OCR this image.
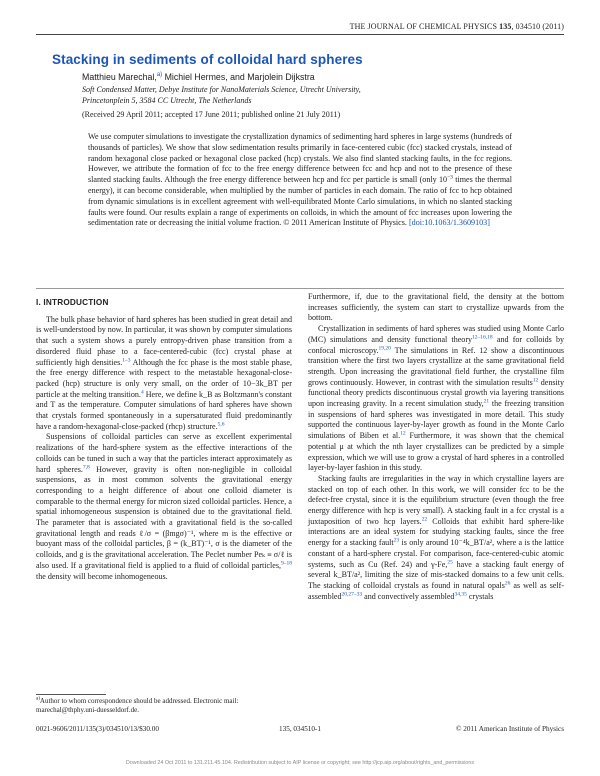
THE JOURNAL OF CHEMICAL PHYSICS 135, 034510 (2011)
Stacking in sediments of colloidal hard spheres
Matthieu Marechal,$^{a)}$ Michiel Hermes, and Marjolein Dijkstra
Soft Condensed Matter, Debye Institute for NanoMaterials Science, Utrecht University,
Princetonplein 5, 3584 CC Utrecht, The Netherlands
(Received 29 April 2011; accepted 17 June 2011; published online 21 July 2011)
We use computer simulations to investigate the crystallization dynamics of sedimenting hard spheres in large systems (hundreds of thousands of particles). We show that slow sedimentation results primarily in face-centered cubic (fcc) stacked crystals, instead of random hexagonal close packed or hexagonal close packed (hcp) crystals. We also find slanted stacking faults, in the fcc regions. However, we attribute the formation of fcc to the free energy difference between fcc and hcp and not to the presence of these slanted stacking faults. Although the free energy difference between hcp and fcc per particle is small (only $10^{-3}$ times the thermal energy), it can become considerable, when multiplied by the number of particles in each domain. The ratio of fcc to hcp obtained from dynamic simulations is in excellent agreement with well-equilibrated Monte Carlo simulations, in which no slanted stacking faults were found. Our results explain a range of experiments on colloids, in which the amount of fcc increases upon lowering the sedimentation rate or decreasing the initial volume fraction. © 2011 American Institute of Physics. [doi:10.1063/1.3609103]
I. INTRODUCTION

The bulk phase behavior of hard spheres has been studied in great detail and is well-understood by now. In particular, it was shown by computer simulations that such a system shows a purely entropy-driven phase transition from a disordered fluid phase to a face-centered-cubic (fcc) crystal phase at sufficiently high densities.$^{1-3}$ Although the fcc phase is the most stable phase, the free energy difference with respect to the metastable hexagonal-close-packed (hcp) structure is only very small, on the order of 10−3k_BT per particle at the melting transition.$^4$ Here, we define k_B as Boltzmann's constant and T as the temperature. Computer simulations of hard spheres have shown that crystals formed spontaneously in a supersaturated fluid predominantly have a random-hexagonal-close-packed (rhcp) structure.$^{5,6}$

Suspensions of colloidal particles can serve as excellent experimental realizations of the hard-sphere system as the effective interactions of the colloids can be tuned in such a way that the particles interact approximately as hard spheres.$^{7,8}$ However, gravity is often non-negligible in colloidal suspensions, as in most common solvents the gravitational energy corresponding to a height difference of about one colloid diameter is comparable to the thermal energy for micron sized colloidal particles. Hence, a spatial inhomogeneous suspension is obtained due to the gravitational field. The parameter that is associated with a gravitational field is the so-called gravitational length and reads ℓ/σ = (βmgσ)⁻¹, where m is the effective or buoyant mass of the colloidal particles, β = (k_BT)⁻¹, σ is the diameter of the colloids, and g is the gravitational acceleration. The Peclet number Peₖ ≡ σ/ℓ is also used. If a gravitational field is applied to a fluid of colloidal particles,$^{9-18}$ the density will become inhomogeneous.

Furthermore, if, due to the gravitational field, the density at the bottom increases sufficiently, the system can start to crystallize upwards from the bottom.

Crystallization in sediments of hard spheres was studied using Monte Carlo (MC) simulations and density functional theory$^{12-16,18}$ and for colloids by confocal microscopy.$^{19,20}$ The simulations in Ref. 12 show a discontinuous transition where the first two layers crystallize at the same gravitational field strength. Upon increasing the gravitational field further, the crystalline film grows continuously. However, in contrast with the simulation results$^{12}$ density functional theory predicts discontinuous crystal growth via layering transitions upon increasing gravity. In a recent simulation study,$^{21}$ the freezing transition in suspensions of hard spheres was investigated in more detail. This study supported the continuous layer-by-layer growth as found in the Monte Carlo simulations of Biben et al.$^{12}$ Furthermore, it was shown that the chemical potential μ at which the nth layer crystallizes can be predicted by a simple expression, which we will use to grow a crystal of hard spheres in a controlled layer-by-layer fashion in this study.

Stacking faults are irregularities in the way in which crystalline layers are stacked on top of each other. In this work, we will consider fcc to be the defect-free crystal, since it is the equilibrium structure (even though the free energy difference with hcp is very small). A stacking fault in a fcc crystal is a juxtaposition of two hcp layers.$^{22}$ Colloids that exhibit hard sphere-like interactions are an ideal system for studying stacking faults, since the free energy for a stacking fault$^{23}$ is only around 10⁻⁴k_BT/a², where a is the lattice constant of a hard-sphere crystal. For comparison, face-centered-cubic atomic systems, such as Cu (Ref. 24) and γ-Fe,$^{25}$ have a stacking fault energy of several k_BT/a², limiting the size of mis-stacked domains to a few unit cells. The stacking of colloidal crystals as found in natural opals$^{26}$ as well as self-assembled$^{20,27-33}$ and convectively assembled$^{34,35}$ crystals

$^{a)}$Author to whom correspondence should be addressed. Electronic mail: marechal@thphy.uni-duesseldorf.de.
0021-9606/2011/135(3)/034510/13/$30.00	135, 034510-1	© 2011 American Institute of Physics
Downloaded 24 Oct 2011 to 131.211.45.104. Redistribution subject to AIP license or copyright; see http://jcp.aip.org/about/rights_and_permissions
